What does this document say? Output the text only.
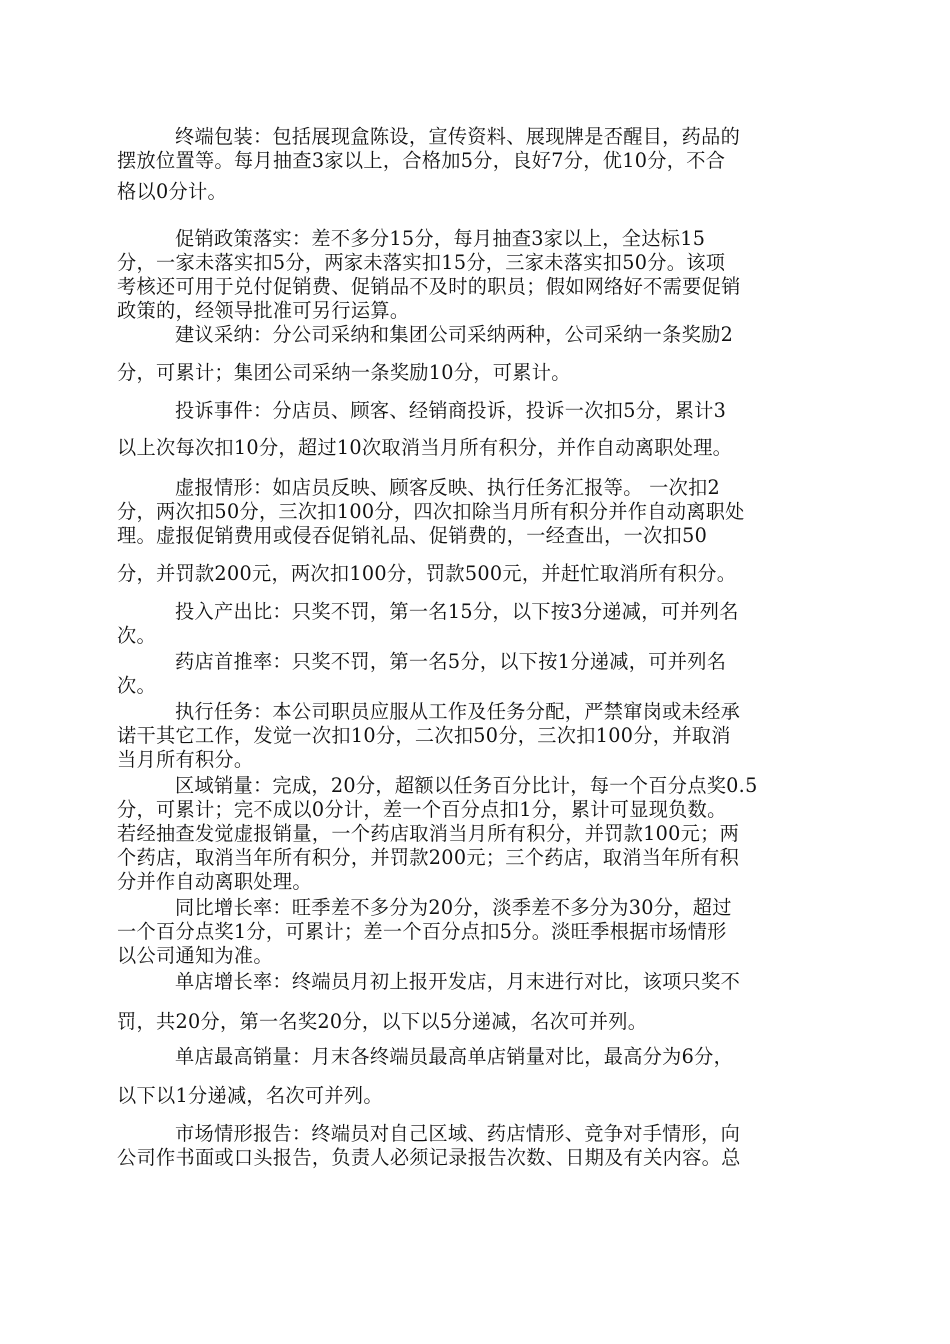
终端包装：包括展现盒陈设，宣传资料、展现牌是否醒目，药品的
摆放位置等。每月抽查3家以上，合格加5分，良好7分，优10分，不合
格以0分计。
促销政策落实：差不多分15分，每月抽查3家以上，全达标15
分，一家未落实扣5分，两家未落实扣15分，三家未落实扣50分。该项
考核还可用于兑付促销费、促销品不及时的职员；假如网络好不需要促销
政策的，经领导批准可另行运算。
建议采纳：分公司采纳和集团公司采纳两种，公司采纳一条奖励2
分，可累计；集团公司采纳一条奖励10分，可累计。
投诉事件：分店员、顾客、经销商投诉，投诉一次扣5分，累计3
以上次每次扣10分，超过10次取消当月所有积分，并作自动离职处理。
虚报情形：如店员反映、顾客反映、执行任务汇报等。 一次扣2
分，两次扣50分，三次扣100分，四次扣除当月所有积分并作自动离职处
理。虚报促销费用或侵吞促销礼品、促销费的，一经查出，一次扣50
分，并罚款200元，两次扣100分，罚款500元，并赶忙取消所有积分。
投入产出比：只奖不罚，第一名15分，以下按3分递减，可并列名
次。
药店首推率：只奖不罚，第一名5分，以下按1分递减，可并列名
次。
执行任务：本公司职员应服从工作及任务分配，严禁窜岗或未经承
诺干其它工作，发觉一次扣10分，二次扣50分，三次扣100分，并取消
当月所有积分。
区域销量：完成，20分，超额以任务百分比计，每一个百分点奖0.5
分，可累计；完不成以0分计，差一个百分点扣1分，累计可显现负数。
若经抽查发觉虚报销量，一个药店取消当月所有积分，并罚款100元；两
个药店，取消当年所有积分，并罚款200元；三个药店，取消当年所有积
分并作自动离职处理。
同比增长率：旺季差不多分为20分，淡季差不多分为30分，超过
一个百分点奖1分，可累计；差一个百分点扣5分。淡旺季根据市场情形
以公司通知为准。
单店增长率：终端员月初上报开发店，月末进行对比，该项只奖不
罚，共20分，第一名奖20分，以下以5分递减，名次可并列。
单店最高销量：月末各终端员最高单店销量对比，最高分为6分，
以下以1分递减，名次可并列。
市场情形报告：终端员对自己区域、药店情形、竞争对手情形，向
公司作书面或口头报告，负责人必须记录报告次数、日期及有关内容。总
